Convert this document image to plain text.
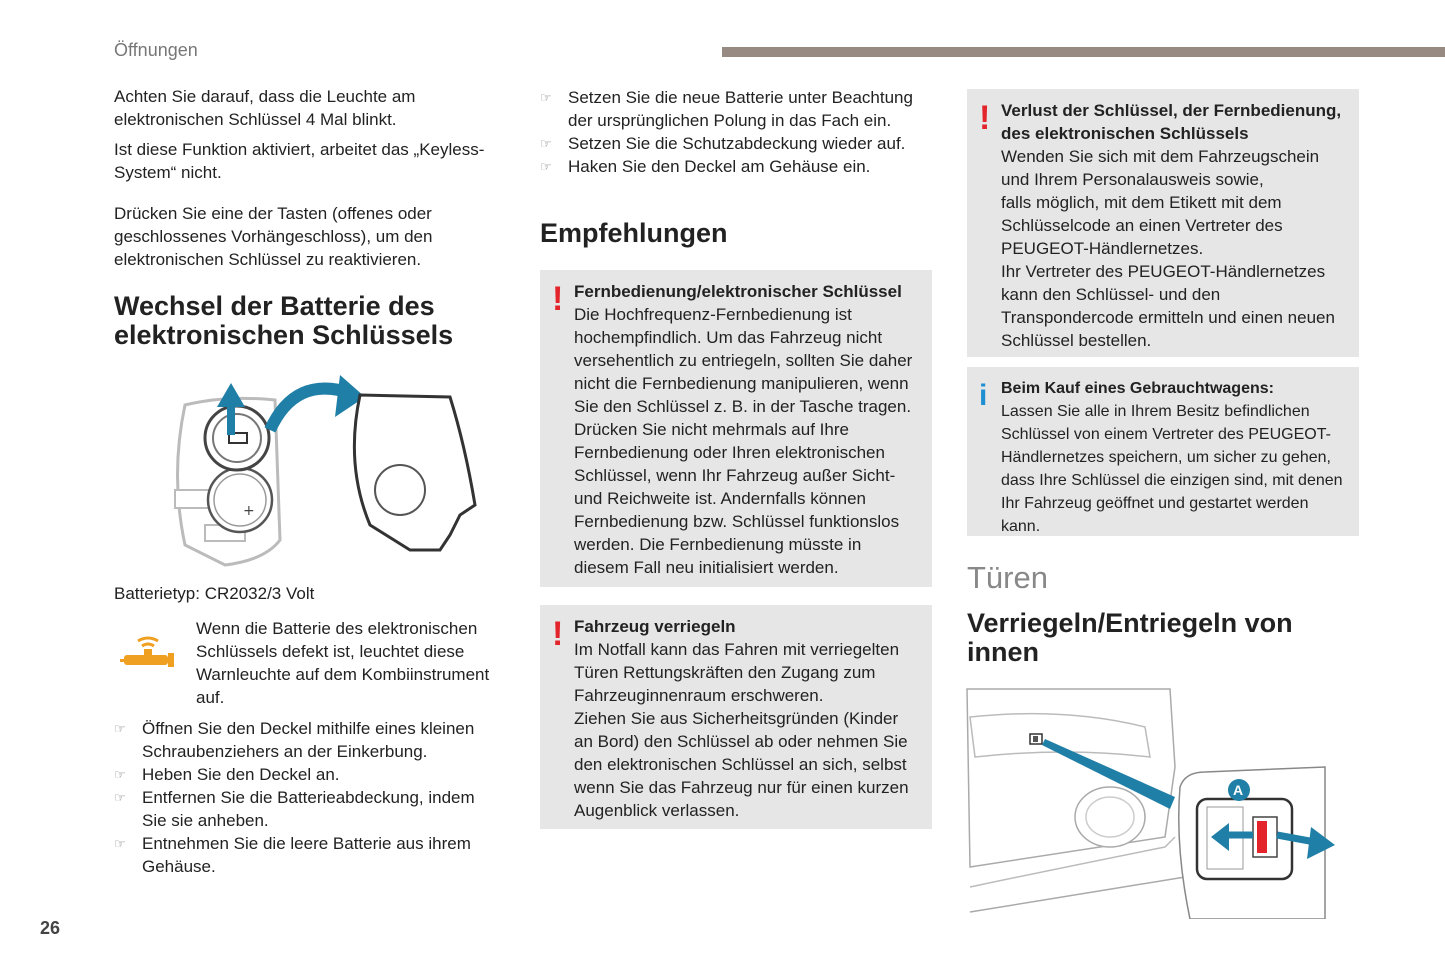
Öffnungen

Achten Sie darauf, dass die Leuchte am
elektronischen Schlüssel 4 Mal blinkt.

Ist diese Funktion aktiviert, arbeitet das „Keyless-
System“ nicht.

Drücken Sie eine der Tasten (offenes oder
geschlossenes Vorhängeschloss), um den
elektronischen Schlüssel zu reaktivieren.

Wechsel der Batterie des
elektronischen Schlüssels
+
Batterietyp: CR2032/3 Volt
Wenn die Batterie des elektronischen
Schlüssels defekt ist, leuchtet diese
Warnleuchte auf dem Kombiinstrument
auf.
☞ Öffnen Sie den Deckel mithilfe eines kleinen
Schraubenziehers an der Einkerbung.
☞ Heben Sie den Deckel an.
☞ Entfernen Sie die Batterieabdeckung, indem
Sie sie anheben.
☞ Entnehmen Sie die leere Batterie aus ihrem
Gehäuse.
☞ Setzen Sie die neue Batterie unter Beachtung
der ursprünglichen Polung in das Fach ein.
☞ Setzen Sie die Schutzabdeckung wieder auf.
☞ Haken Sie den Deckel am Gehäuse ein.
Empfehlungen
! Fernbedienung/elektronischer Schlüssel
Die Hochfrequenz-Fernbedienung ist
hochempfindlich. Um das Fahrzeug nicht
versehentlich zu entriegeln, sollten Sie daher
nicht die Fernbedienung manipulieren, wenn
Sie den Schlüssel z. B. in der Tasche tragen.
Drücken Sie nicht mehrmals auf Ihre
Fernbedienung oder Ihren elektronischen
Schlüssel, wenn Ihr Fahrzeug außer Sicht-
und Reichweite ist. Andernfalls können
Fernbedienung bzw. Schlüssel funktionslos
werden. Die Fernbedienung müsste in
diesem Fall neu initialisiert werden.
! Fahrzeug verriegeln
Im Notfall kann das Fahren mit verriegelten
Türen Rettungskräften den Zugang zum
Fahrzeuginnenraum erschweren.
Ziehen Sie aus Sicherheitsgründen (Kinder
an Bord) den Schlüssel ab oder nehmen Sie
den elektronischen Schlüssel an sich, selbst
wenn Sie das Fahrzeug nur für einen kurzen
Augenblick verlassen.
! Verlust der Schlüssel, der Fernbedienung,
des elektronischen Schlüssels
Wenden Sie sich mit dem Fahrzeugschein
und Ihrem Personalausweis sowie,
falls möglich, mit dem Etikett mit dem
Schlüsselcode an einen Vertreter des
PEUGEOT-Händlernetzes.
Ihr Vertreter des PEUGEOT-Händlernetzes
kann den Schlüssel- und den
Transpondercode ermitteln und einen neuen
Schlüssel bestellen.
i Beim Kauf eines Gebrauchtwagens:
Lassen Sie alle in Ihrem Besitz befindlichen
Schlüssel von einem Vertreter des PEUGEOT-
Händlernetzes speichern, um sicher zu gehen,
dass Ihre Schlüssel die einzigen sind, mit denen
Ihr Fahrzeug geöffnet und gestartet werden kann.
Türen
Verriegeln/Entriegeln von
innen
A
26
